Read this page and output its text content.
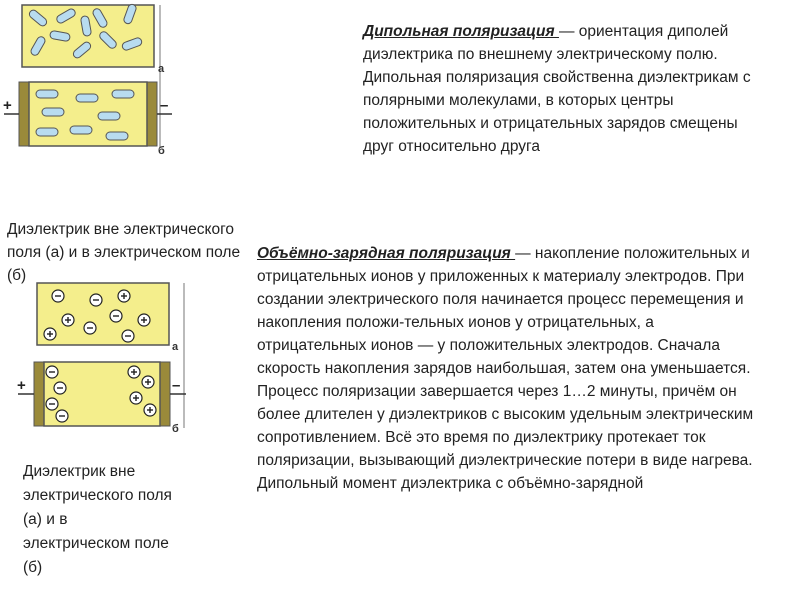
а
+	–
б
а
+	–
б
Дипольная поляризация — ориентация диполей диэлектрика по внешнему электрическому полю. Дипольная поляризация свойственна диэлектрикам с полярными молекулами, в которых центры положительных и отрицательных зарядов смещены друг относительно друга
Диэлектрик вне электрического поля (а) и в электрическом поле (б)
Объёмно-зарядная поляризация — накопление положительных и отрицательных ионов у приложенных к материалу электродов. При создании электрического поля начинается процесс перемещения и накопления положи-тельных ионов у отрицательных, а отрицательных ионов — у положительных электродов. Сначала скорость накопления зарядов наибольшая, затем она уменьшается. Процесс поляризации завершается через 1…2 минуты, причём он более длителен у диэлектриков с высоким удельным электрическим сопротивлением. Всё это время по диэлектрику протекает ток поляризации, вызывающий диэлектрические потери в виде нагрева. Дипольный момент диэлектрика с объёмно-зарядной
Диэлектрик вне электрического поля (а) и в электрическом поле (б)
